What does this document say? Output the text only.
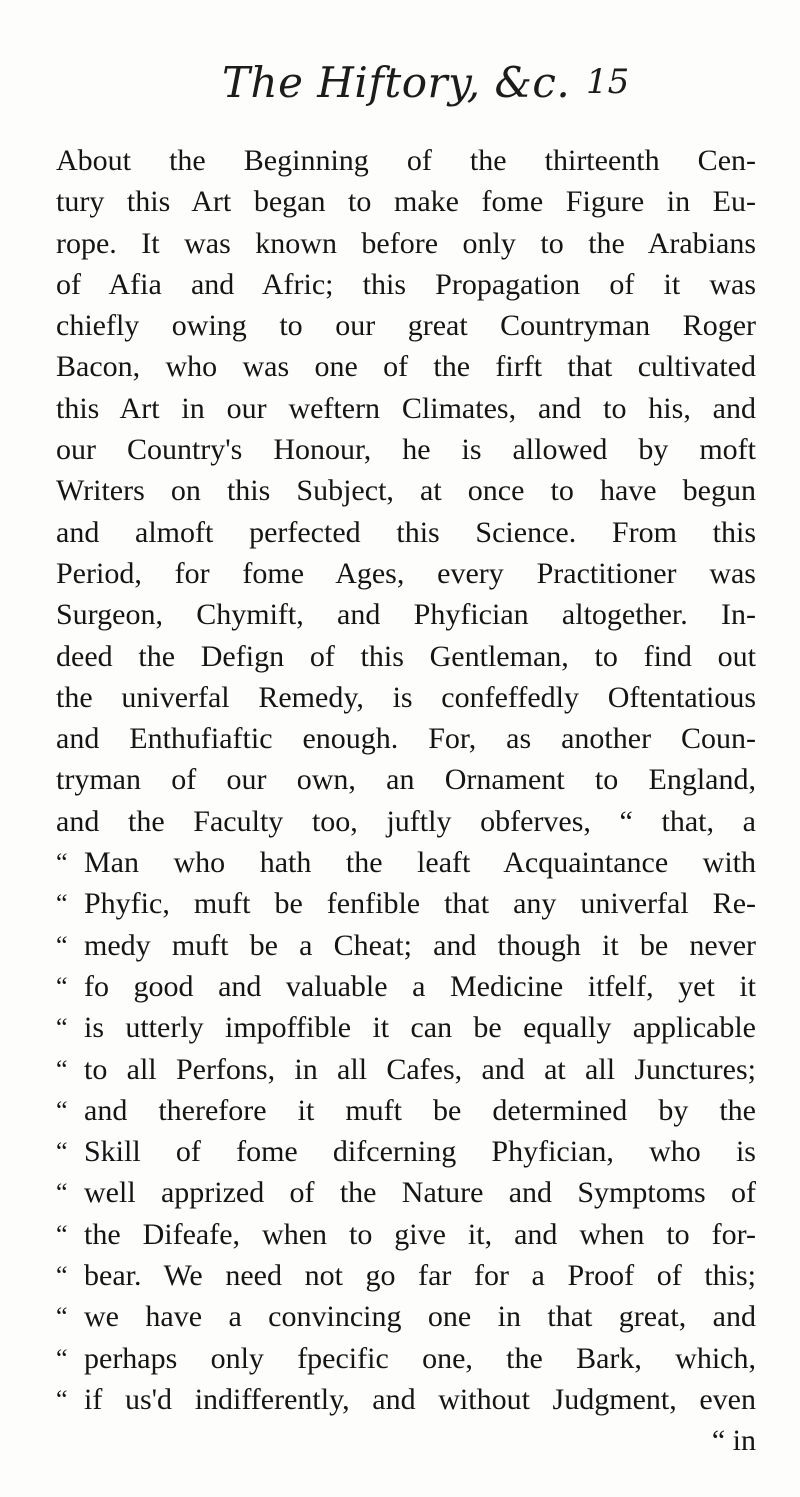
The Hiftory, &c. 15
About the Beginning of the thirteenth Cen-
tury this Art began to make fome Figure in Eu-
rope. It was known before only to the Arabians
of Afia and Afric; this Propagation of it was
chiefly owing to our great Countryman Roger
Bacon, who was one of the firft that cultivated
this Art in our weftern Climates, and to his, and
our Country's Honour, he is allowed by moft
Writers on this Subject, at once to have begun
and almoft perfected this Science. From this
Period, for fome Ages, every Practitioner was
Surgeon, Chymift, and Phyfician altogether. In-
deed the Defign of this Gentleman, to find out
the univerfal Remedy, is confeffedly Oftentatious
and Enthufiaftic enough. For, as another Coun-
tryman of our own, an Ornament to England,
and the Faculty too, juftly obferves, “ that, a
“ Man who hath the leaft Acquaintance with
“ Phyfic, muft be fenfible that any univerfal Re-
“ medy muft be a Cheat; and though it be never
“ fo good and valuable a Medicine itfelf, yet it
“ is utterly impoffible it can be equally applicable
“ to all Perfons, in all Cafes, and at all Junctures;
“ and therefore it muft be determined by the
“ Skill of fome difcerning Phyfician, who is
“ well apprized of the Nature and Symptoms of
“ the Difeafe, when to give it, and when to for-
“ bear. We need not go far for a Proof of this;
“ we have a convincing one in that great, and
“ perhaps only fpecific one, the Bark, which,
“ if us'd indifferently, and without Judgment, even
“ in
